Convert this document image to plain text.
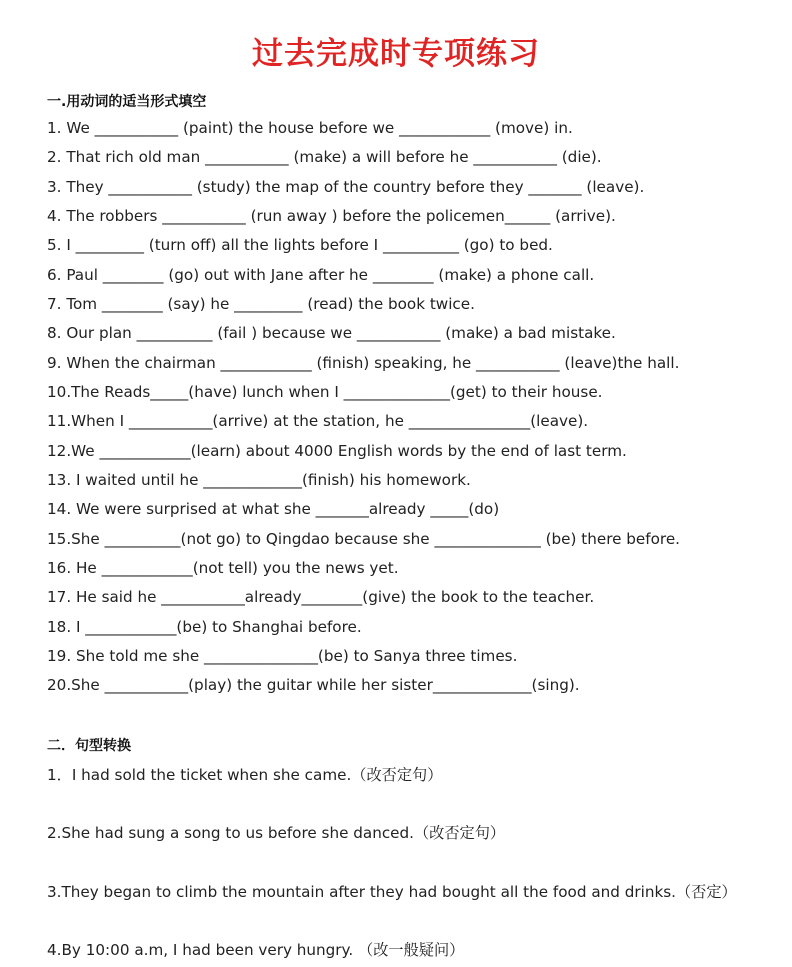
过去完成时专项练习
一.用动词的适当形式填空
1. We ___________ (paint) the house before we ____________ (move) in.
2. That rich old man ___________ (make) a will before he ___________ (die).
3. They ___________ (study) the map of the country before they _______ (leave).
4. The robbers ___________ (run away ) before the policemen______ (arrive).
5. I _________ (turn off) all the lights before I __________ (go) to bed.
6. Paul ________ (go) out with Jane after he ________ (make) a phone call.
7. Tom ________ (say) he _________ (read) the book twice.
8. Our plan __________ (fail ) because we ___________ (make) a bad mistake.
9. When the chairman ____________ (finish) speaking, he ___________ (leave)the hall.
10.The Reads_____(have) lunch when I ______________(get) to their house.
11.When I ___________(arrive) at the station, he ________________(leave).
12.We ____________(learn) about 4000 English words by the end of last term.
13. I waited until he _____________(finish) his homework.
14. We were surprised at what she _______already _____(do)
15.She __________(not go) to Qingdao because she ______________ (be) there before.
16. He ____________(not tell) you the news yet.
17. He said he ___________already________(give) the book to the teacher.
18. I ____________(be) to Shanghai before.
19. She told me she _______________(be) to Sanya three times.
20.She ___________(play) the guitar while her sister_____________(sing).
二．句型转换
1．I had sold the ticket when she came.（改否定句）
2.She had sung a song to us before she danced.（改否定句）
3.They began to climb the mountain after they had bought all the food and drinks.（否定）
4.By 10:00 a.m, I had been very hungry. （改一般疑问）
